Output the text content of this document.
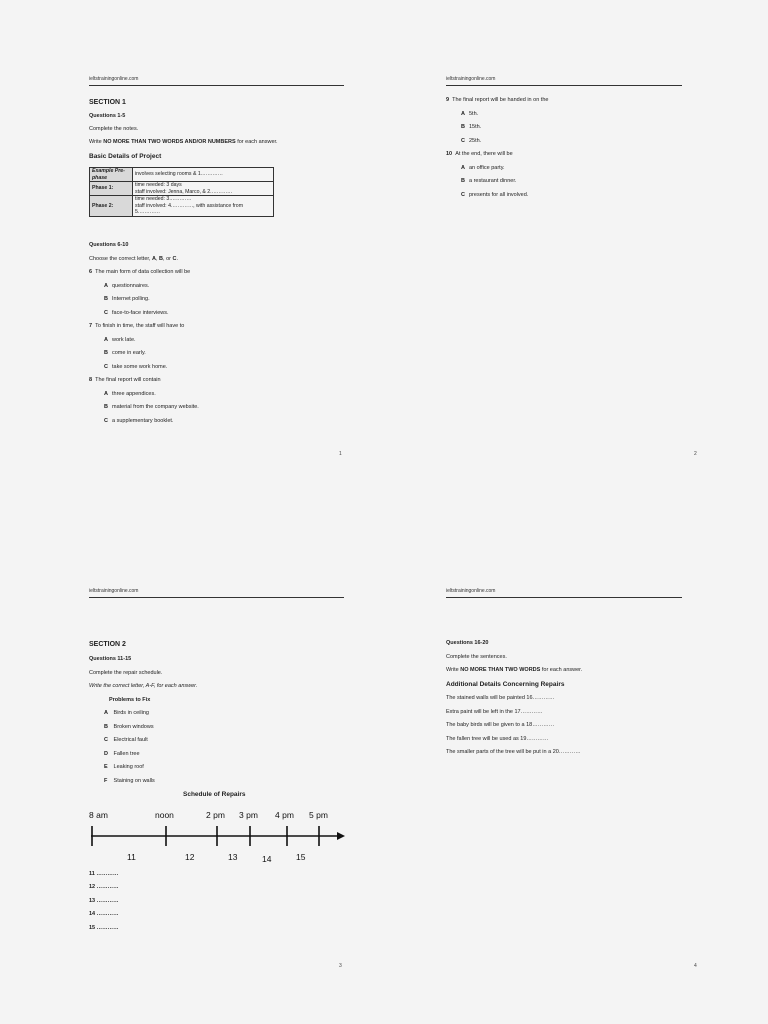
ieltstrainingonline.com
SECTION 1
Questions 1-5
Complete the notes.
Write NO MORE THAN TWO WORDS AND/OR NUMBERS for each answer.
Basic Details of Project
Example Pre-phase	involves selecting rooms & 1.…………
Phase 1:	time needed: 3 days
staff involved: Jenna, Marco, & 2.…………

Phase 2:	time needed: 3.…………
staff involved: 4.…………, with assistance from
5.…………
Questions 6-10
Choose the correct letter, A, B, or C.
6 The main form of data collection will be
A questionnaires.
B Internet polling.
C face-to-face interviews.
7 To finish in time, the staff will have to
A work late.
B come in early.
C take some work home.
8 The final report will contain
A three appendices.
B material from the company website.
C a supplementary booklet.
1
ieltstrainingonline.com
9 The final report will be handed in on the
A 5th.
B 15th.
C 25th.
10 At the end, there will be
A an office party.
B a restaurant dinner.
C presents for all involved.
2
ieltstrainingonline.com
SECTION 2
Questions 11-15
Complete the repair schedule.
Write the correct letter, A-F, for each answer.
Problems to Fix
A Birds in ceiling
B Broken windows
C Electrical fault
D Fallen tree
E Leaking roof
F Staining on walls
Schedule of Repairs
8 am	noon	2 pm 3 pm 4 pm 5 pm
11	12	13	14	15
11 …………
12 …………
13 …………
14 …………
15 …………
3
ieltstrainingonline.com
Questions 16-20
Complete the sentences.
Write NO MORE THAN TWO WORDS for each answer.
Additional Details Concerning Repairs
The stained walls will be painted 16…………
Extra paint will be left in the 17…………
The baby birds will be given to a 18…………
The fallen tree will be used as 19…………
The smaller parts of the tree will be put in a 20…………
4
